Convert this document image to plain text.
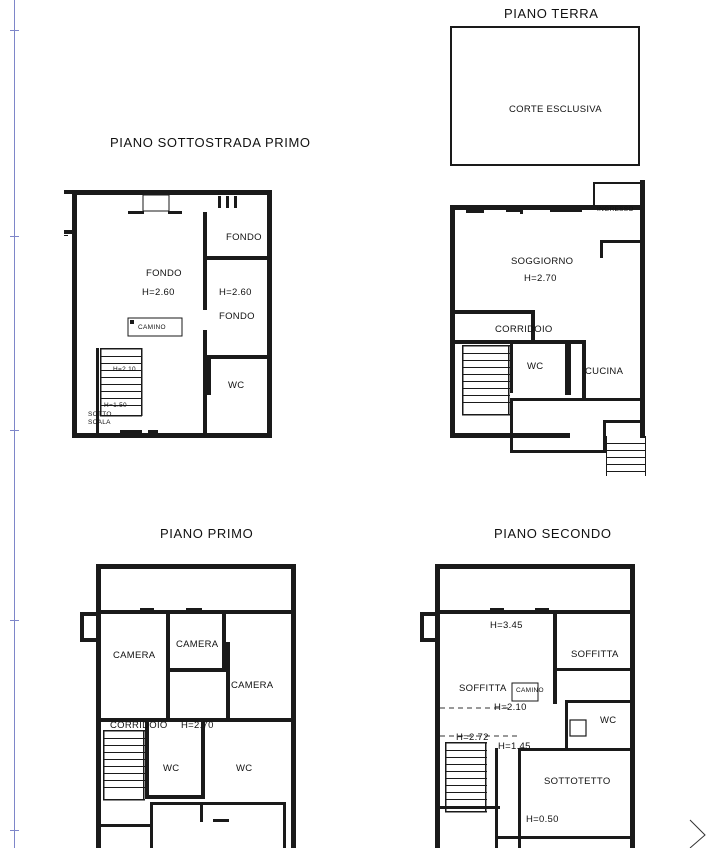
PIANO SOTTOSTRADA PRIMO
PIANO TERRA
PIANO PRIMO	PIANO SECONDO
FONDO
H=2.60
FONDO
H=2.60
FONDO
WC
CAMINO
H=2.10
H=1.50
SOTTO
SCALA
CORTE ESCLUSIVA
INGRESSO
SOGGIORNO
H=2.70
CORRIDOIO
WC	CUCINA
CAMERA
CAMERA
CAMERA
CORRIDOIO H=2.70
WC	WC
H=3.45
SOFFITTA
SOFFITTA CAMINO
H=2.10
WC
H=2.72
H=1.45
SOTTOTETTO
H=0.50
